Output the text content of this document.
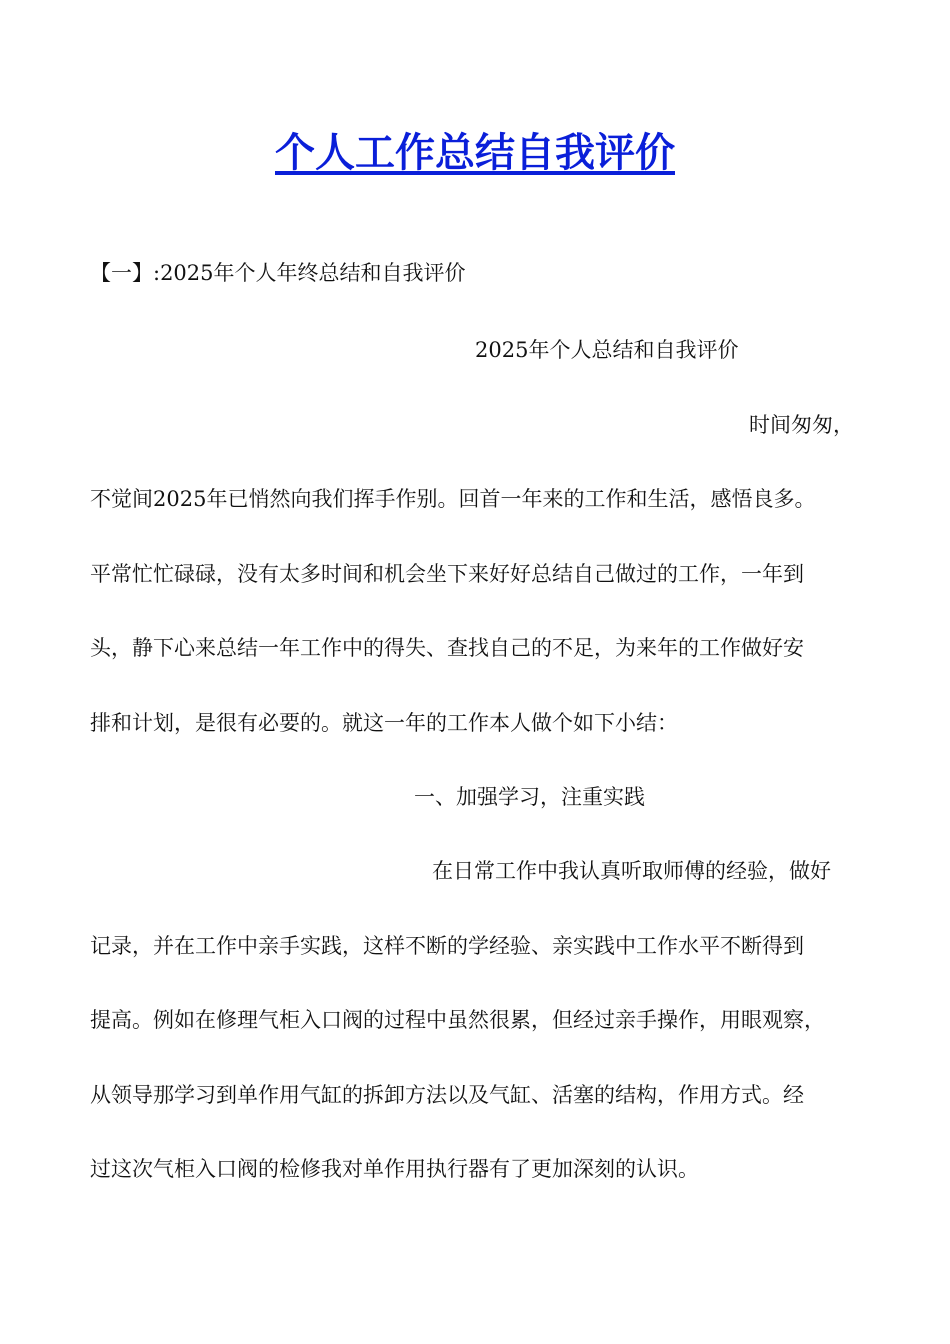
个人工作总结自我评价

【一】:2025年个人年终总结和自我评价

2025年个人总结和自我评价

时间匆匆，

不觉间2025年已悄然向我们挥手作别。回首一年来的工作和生活，感悟良多。

平常忙忙碌碌，没有太多时间和机会坐下来好好总结自己做过的工作，一年到

头，静下心来总结一年工作中的得失、查找自己的不足，为来年的工作做好安

排和计划，是很有必要的。就这一年的工作本人做个如下小结：

一、加强学习，注重实践

在日常工作中我认真听取师傅的经验，做好

记录，并在工作中亲手实践，这样不断的学经验、亲实践中工作水平不断得到

提高。例如在修理气柜入口阀的过程中虽然很累，但经过亲手操作，用眼观察，

从领导那学习到单作用气缸的拆卸方法以及气缸、活塞的结构，作用方式。经

过这次气柜入口阀的检修我对单作用执行器有了更加深刻的认识。
